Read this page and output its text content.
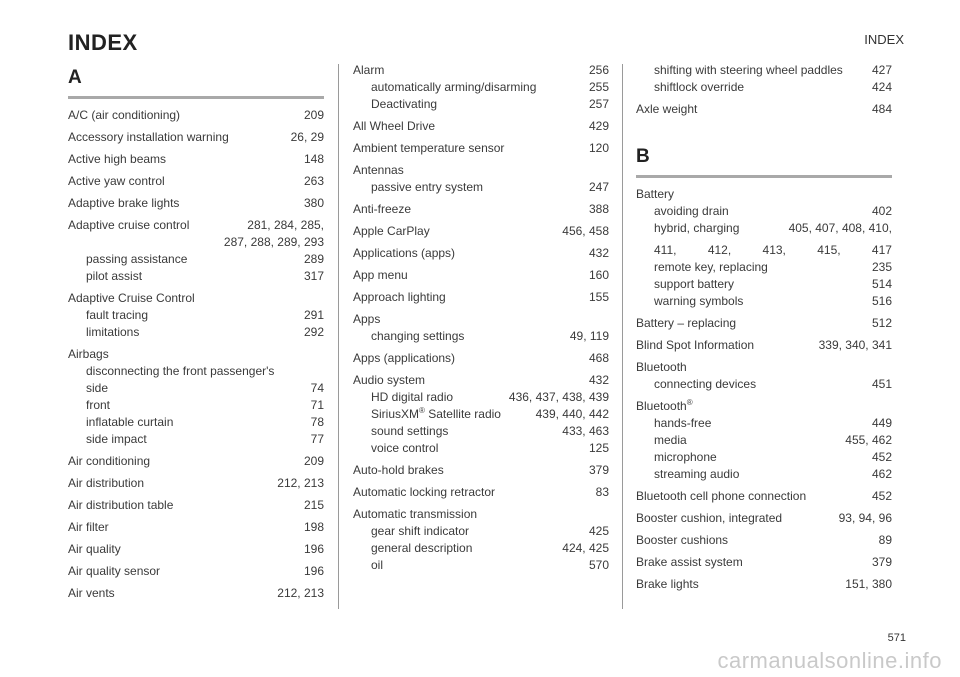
INDEX	INDEX
A
A/C (air conditioning)	209
Accessory installation warning	26, 29
Active high beams	148
Active yaw control	263
Adaptive brake lights	380
Adaptive cruise control	281, 284, 285,
287, 288, 289, 293
passing assistance	289
pilot assist	317
Adaptive Cruise Control
fault tracing	291
limitations	292
Airbags
disconnecting the front passenger's
side	74
front	71
inflatable curtain	78
side impact	77
Air conditioning	209
Air distribution	212, 213
Air distribution table	215
Air filter	198
Air quality	196
Air quality sensor	196
Air vents	212, 213
Alarm	256
automatically arming/disarming	255
Deactivating	257
All Wheel Drive	429
Ambient temperature sensor	120
Antennas
passive entry system	247
Anti-freeze	388
Apple CarPlay	456, 458
Applications (apps)	432
App menu	160
Approach lighting	155
Apps
changing settings	49, 119
Apps (applications)	468
Audio system	432
HD digital radio	436, 437, 438, 439
SiriusXM® Satellite radio	439, 440, 442
sound settings	433, 463
voice control	125
Auto-hold brakes	379
Automatic locking retractor	83
Automatic transmission
gear shift indicator	425
general description	424, 425
oil	570
shifting with steering wheel paddles	427
shiftlock override	424
Axle weight	484
B
Battery
avoiding drain	402
hybrid, charging	405, 407, 408, 410,
411,	412,	413,	415,	417
remote key, replacing	235
support battery	514
warning symbols	516
Battery – replacing	512
Blind Spot Information	339, 340, 341
Bluetooth
connecting devices	451
Bluetooth®
hands-free	449
media	455, 462
microphone	452
streaming audio	462
Bluetooth cell phone connection	452
Booster cushion, integrated	93, 94, 96
Booster cushions	89
Brake assist system	379
Brake lights	151, 380
571
carmanualsonline.info
